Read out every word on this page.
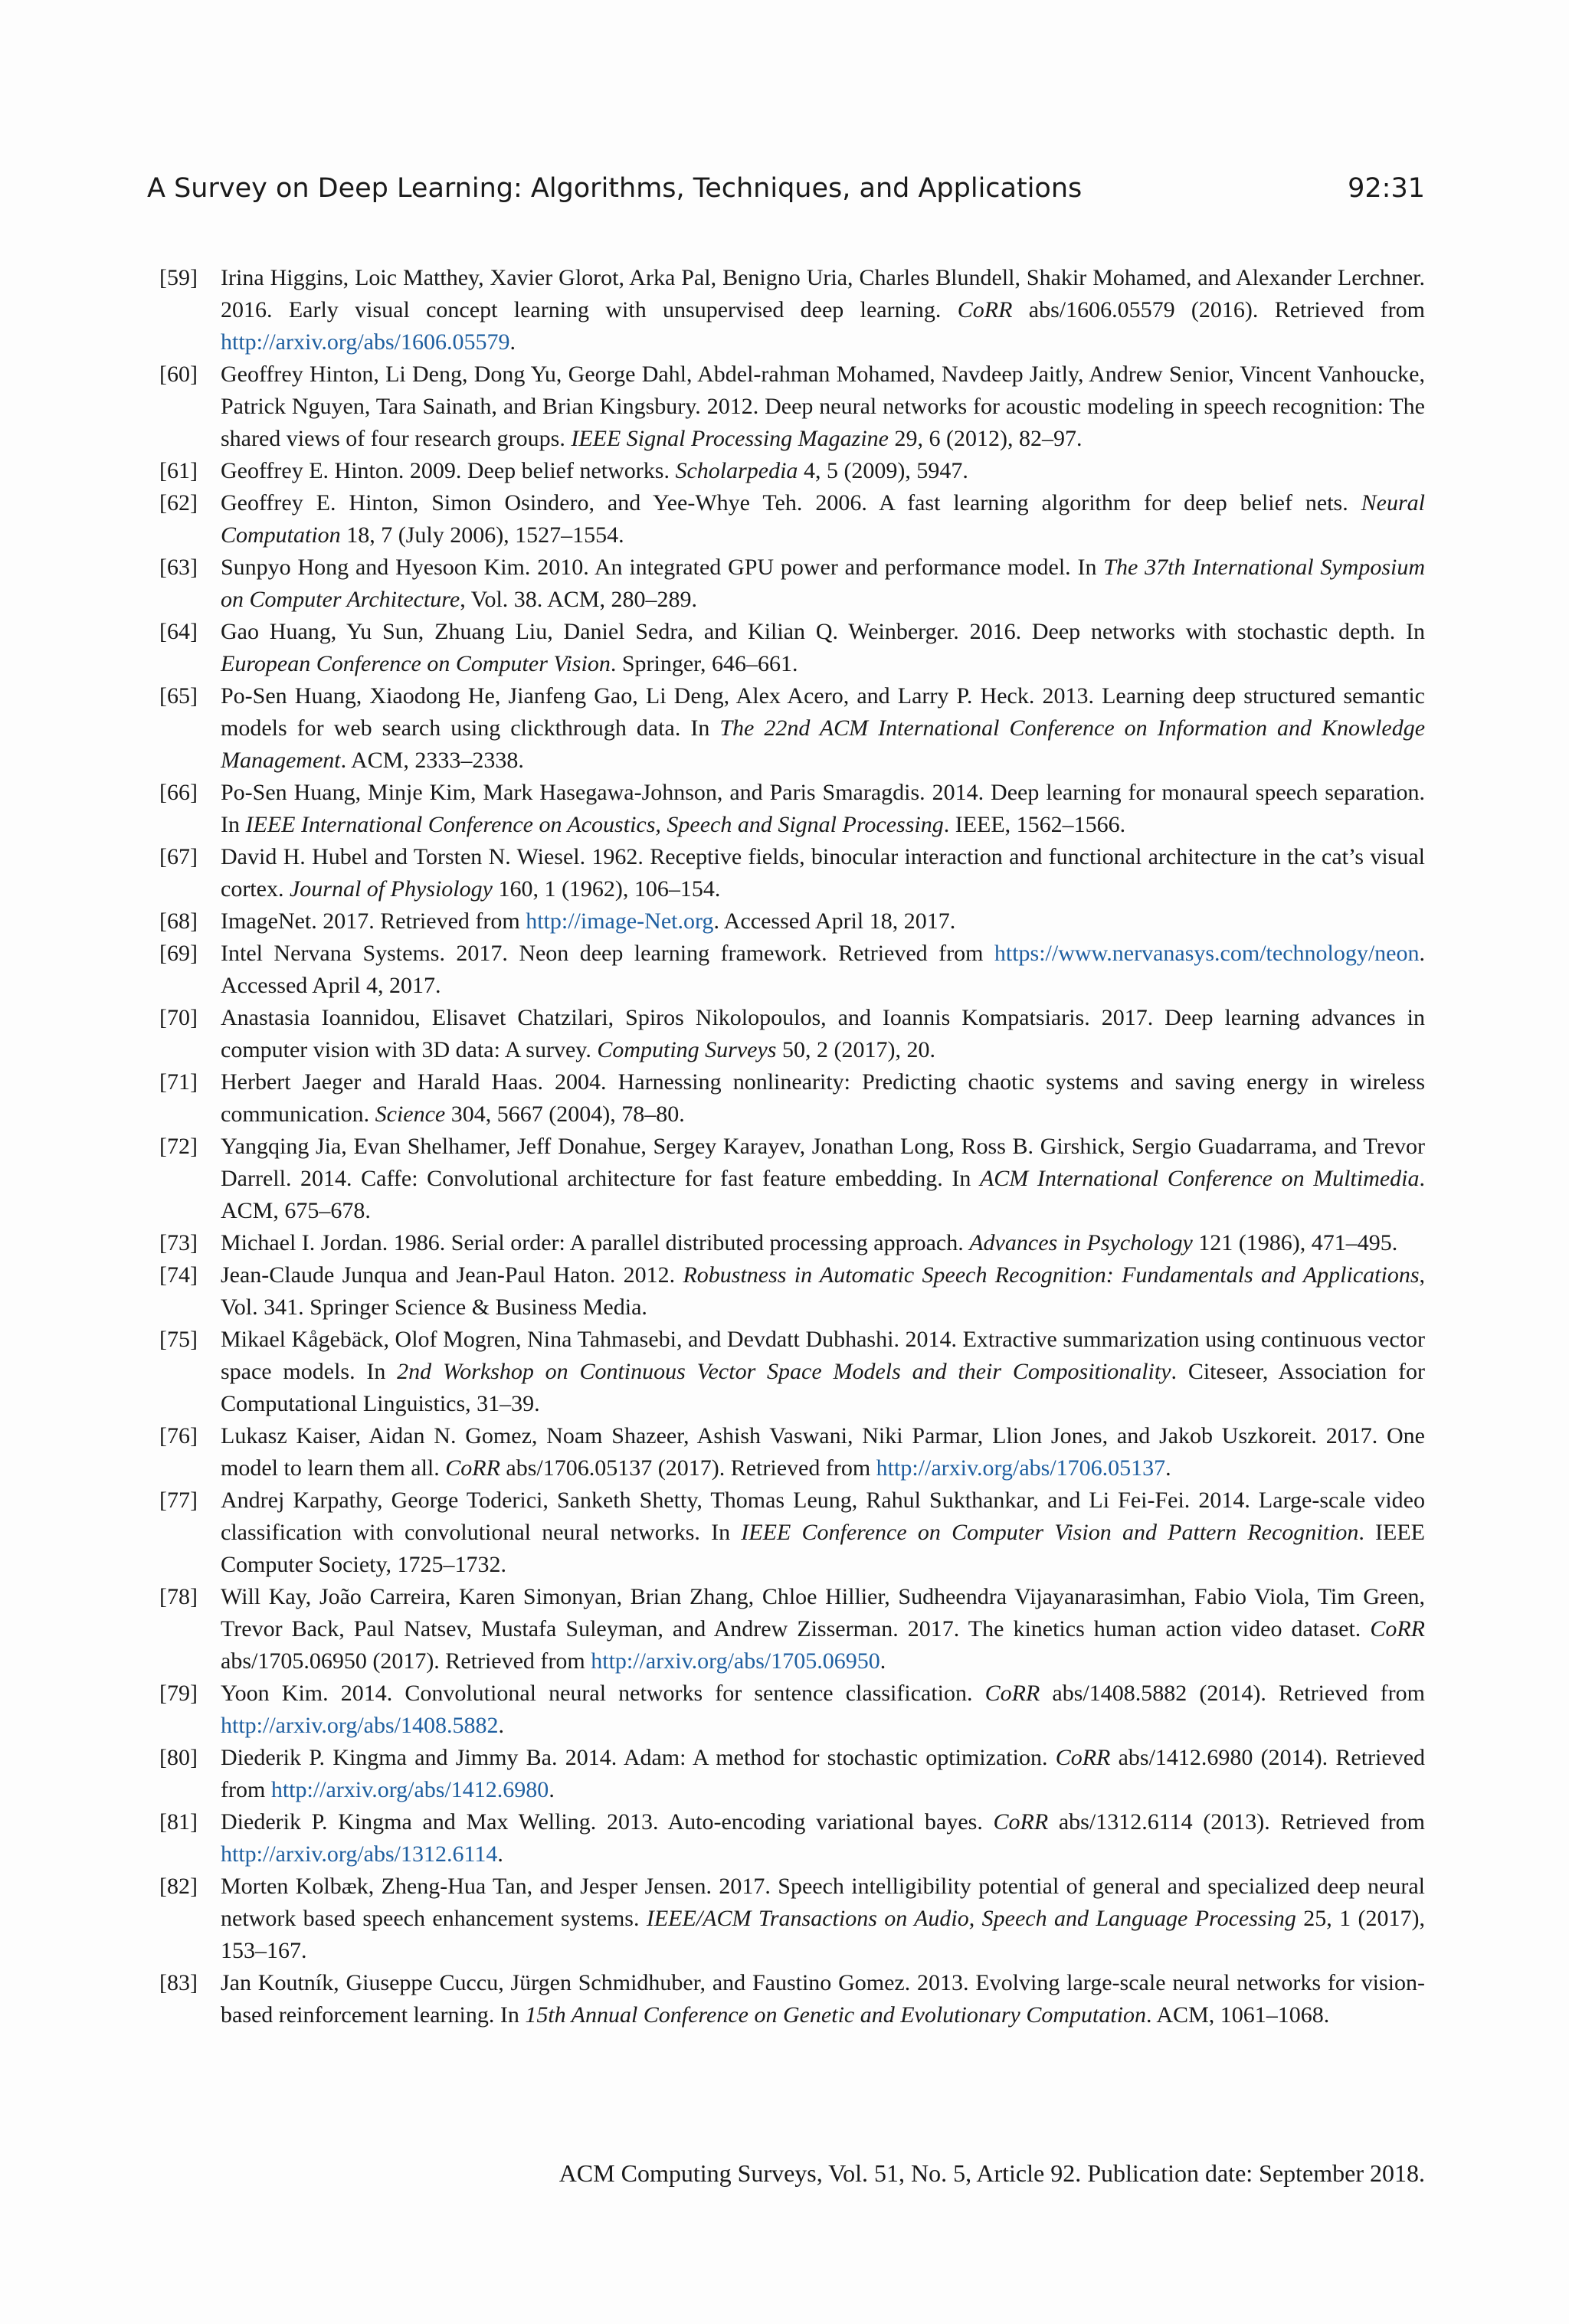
A Survey on Deep Learning: Algorithms, Techniques, and Applications	92:31
[59] Irina Higgins, Loic Matthey, Xavier Glorot, Arka Pal, Benigno Uria, Charles Blundell, Shakir Mohamed, and Alexander Lerchner. 2016. Early visual concept learning with unsupervised deep learning. CoRR abs/1606.05579 (2016). Retrieved from http://arxiv.org/abs/1606.05579.
[60] Geoffrey Hinton, Li Deng, Dong Yu, George Dahl, Abdel-rahman Mohamed, Navdeep Jaitly, Andrew Senior, Vincent Vanhoucke, Patrick Nguyen, Tara Sainath, and Brian Kingsbury. 2012. Deep neural networks for acoustic modeling in speech recognition: The shared views of four research groups. IEEE Signal Processing Magazine 29, 6 (2012), 82–97.
[61] Geoffrey E. Hinton. 2009. Deep belief networks. Scholarpedia 4, 5 (2009), 5947.
[62] Geoffrey E. Hinton, Simon Osindero, and Yee-Whye Teh. 2006. A fast learning algorithm for deep belief nets. Neural Computation 18, 7 (July 2006), 1527–1554.
[63] Sunpyo Hong and Hyesoon Kim. 2010. An integrated GPU power and performance model. In The 37th International Symposium on Computer Architecture, Vol. 38. ACM, 280–289.
[64] Gao Huang, Yu Sun, Zhuang Liu, Daniel Sedra, and Kilian Q. Weinberger. 2016. Deep networks with stochastic depth. In European Conference on Computer Vision. Springer, 646–661.
[65] Po-Sen Huang, Xiaodong He, Jianfeng Gao, Li Deng, Alex Acero, and Larry P. Heck. 2013. Learning deep structured semantic models for web search using clickthrough data. In The 22nd ACM International Conference on Information and Knowledge Management. ACM, 2333–2338.
[66] Po-Sen Huang, Minje Kim, Mark Hasegawa-Johnson, and Paris Smaragdis. 2014. Deep learning for monaural speech separation. In IEEE International Conference on Acoustics, Speech and Signal Processing. IEEE, 1562–1566.
[67] David H. Hubel and Torsten N. Wiesel. 1962. Receptive fields, binocular interaction and functional architecture in the cat’s visual cortex. Journal of Physiology 160, 1 (1962), 106–154.
[68] ImageNet. 2017. Retrieved from http://image-Net.org. Accessed April 18, 2017.
[69] Intel Nervana Systems. 2017. Neon deep learning framework. Retrieved from https://www.nervanasys.com/technology/neon. Accessed April 4, 2017.
[70] Anastasia Ioannidou, Elisavet Chatzilari, Spiros Nikolopoulos, and Ioannis Kompatsiaris. 2017. Deep learning advances in computer vision with 3D data: A survey. Computing Surveys 50, 2 (2017), 20.
[71] Herbert Jaeger and Harald Haas. 2004. Harnessing nonlinearity: Predicting chaotic systems and saving energy in wireless communication. Science 304, 5667 (2004), 78–80.
[72] Yangqing Jia, Evan Shelhamer, Jeff Donahue, Sergey Karayev, Jonathan Long, Ross B. Girshick, Sergio Guadarrama, and Trevor Darrell. 2014. Caffe: Convolutional architecture for fast feature embedding. In ACM International Conference on Multimedia. ACM, 675–678.
[73] Michael I. Jordan. 1986. Serial order: A parallel distributed processing approach. Advances in Psychology 121 (1986), 471–495.
[74] Jean-Claude Junqua and Jean-Paul Haton. 2012. Robustness in Automatic Speech Recognition: Fundamentals and Applications, Vol. 341. Springer Science & Business Media.
[75] Mikael Kågebäck, Olof Mogren, Nina Tahmasebi, and Devdatt Dubhashi. 2014. Extractive summarization using continuous vector space models. In 2nd Workshop on Continuous Vector Space Models and their Compositionality. Citeseer, Association for Computational Linguistics, 31–39.
[76] Lukasz Kaiser, Aidan N. Gomez, Noam Shazeer, Ashish Vaswani, Niki Parmar, Llion Jones, and Jakob Uszkoreit. 2017. One model to learn them all. CoRR abs/1706.05137 (2017). Retrieved from http://arxiv.org/abs/1706.05137.
[77] Andrej Karpathy, George Toderici, Sanketh Shetty, Thomas Leung, Rahul Sukthankar, and Li Fei-Fei. 2014. Large-scale video classification with convolutional neural networks. In IEEE Conference on Computer Vision and Pattern Recognition. IEEE Computer Society, 1725–1732.
[78] Will Kay, João Carreira, Karen Simonyan, Brian Zhang, Chloe Hillier, Sudheendra Vijayanarasimhan, Fabio Viola, Tim Green, Trevor Back, Paul Natsev, Mustafa Suleyman, and Andrew Zisserman. 2017. The kinetics human action video dataset. CoRR abs/1705.06950 (2017). Retrieved from http://arxiv.org/abs/1705.06950.
[79] Yoon Kim. 2014. Convolutional neural networks for sentence classification. CoRR abs/1408.5882 (2014). Retrieved from http://arxiv.org/abs/1408.5882.
[80] Diederik P. Kingma and Jimmy Ba. 2014. Adam: A method for stochastic optimization. CoRR abs/1412.6980 (2014). Retrieved from http://arxiv.org/abs/1412.6980.
[81] Diederik P. Kingma and Max Welling. 2013. Auto-encoding variational bayes. CoRR abs/1312.6114 (2013). Retrieved from http://arxiv.org/abs/1312.6114.
[82] Morten Kolbæk, Zheng-Hua Tan, and Jesper Jensen. 2017. Speech intelligibility potential of general and specialized deep neural network based speech enhancement systems. IEEE/ACM Transactions on Audio, Speech and Language Processing 25, 1 (2017), 153–167.
[83] Jan Koutník, Giuseppe Cuccu, Jürgen Schmidhuber, and Faustino Gomez. 2013. Evolving large-scale neural networks for vision-based reinforcement learning. In 15th Annual Conference on Genetic and Evolutionary Computation. ACM, 1061–1068.
ACM Computing Surveys, Vol. 51, No. 5, Article 92. Publication date: September 2018.
